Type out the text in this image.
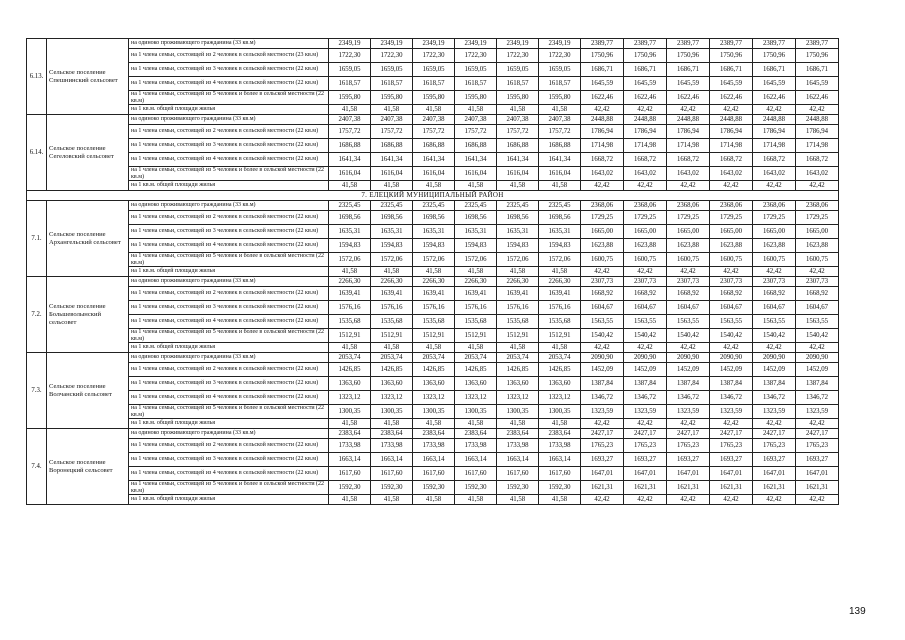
6.13.	Сельское поселение Спешнинский сельсовет	на одиноко проживающего гражданина (33 кв.м)	2349,19	2349,19	2349,19	2349,19	2349,19	2349,19	2389,77	2389,77	2389,77	2389,77	2389,77	2389,77
		на 1 члена семьи, состоящей из 2 человек в сельской местности (23 кв.м)	1722,30	1722,30	1722,30	1722,30	1722,30	1722,30	1750,96	1750,96	1750,96	1750,96	1750,96	1750,96
		на 1 члена семьи, состоящей из 3 человек в сельской местности (22 кв.м)	1659,05	1659,05	1659,05	1659,05	1659,05	1659,05	1686,71	1686,71	1686,71	1686,71	1686,71	1686,71
		на 1 члена семьи, состоящей из 4 человек в сельской местности (22 кв.м)	1618,57	1618,57	1618,57	1618,57	1618,57	1618,57	1645,59	1645,59	1645,59	1645,59	1645,59	1645,59
		на 1 члена семьи, состоящей из 5 человек и более в сельской местности (22 кв.м)	1595,80	1595,80	1595,80	1595,80	1595,80	1595,80	1622,46	1622,46	1622,46	1622,46	1622,46	1622,46
		на 1 кв.м. общей площади жилья	41,58	41,58	41,58	41,58	41,58	41,58	42,42	42,42	42,42	42,42	42,42	42,42
6.14.	Сельское поселение Сегеловский сельсовет	на одиноко проживающего гражданина (33 кв.м)	2407,38	2407,38	2407,38	2407,38	2407,38	2407,38	2448,88	2448,88	2448,88	2448,88	2448,88	2448,88
		на 1 члена семьи, состоящей из 2 человек в сельской местности (22 кв.м)	1757,72	1757,72	1757,72	1757,72	1757,72	1757,72	1786,94	1786,94	1786,94	1786,94	1786,94	1786,94
		на 1 члена семьи, состоящей из 3 человек в сельской местности (22 кв.м)	1686,88	1686,88	1686,88	1686,88	1686,88	1686,88	1714,98	1714,98	1714,98	1714,98	1714,98	1714,98
		на 1 члена семьи, состоящей из 4 человек в сельской местности (22 кв.м)	1641,34	1641,34	1641,34	1641,34	1641,34	1641,34	1668,72	1668,72	1668,72	1668,72	1668,72	1668,72
		на 1 члена семьи, состоящей из 5 человек и более в сельской местности (22 кв.м)	1616,04	1616,04	1616,04	1616,04	1616,04	1616,04	1643,02	1643,02	1643,02	1643,02	1643,02	1643,02
		на 1 кв.м. общей площади жилья	41,58	41,58	41,58	41,58	41,58	41,58	42,42	42,42	42,42	42,42	42,42	42,42
7. ЕЛЕЦКИЙ МУНИЦИПАЛЬНЫЙ РАЙОН														
7.1.	Сельское поселение Архангельский сельсовет	на одиноко проживающего гражданина (33 кв.м)	2325,45	2325,45	2325,45	2325,45	2325,45	2325,45	2368,06	2368,06	2368,06	2368,06	2368,06	2368,06
		на 1 члена семьи, состоящей из 2 человек в сельской местности (22 кв.м)	1698,56	1698,56	1698,56	1698,56	1698,56	1698,56	1729,25	1729,25	1729,25	1729,25	1729,25	1729,25
		на 1 члена семьи, состоящей из 3 человек в сельской местности (22 кв.м)	1635,31	1635,31	1635,31	1635,31	1635,31	1635,31	1665,00	1665,00	1665,00	1665,00	1665,00	1665,00
		на 1 члена семьи, состоящей из 4 человек в сельской местности (22 кв.м)	1594,83	1594,83	1594,83	1594,83	1594,83	1594,83	1623,88	1623,88	1623,88	1623,88	1623,88	1623,88
		на 1 члена семьи, состоящей из 5 человек и более в сельской местности (22 кв.м)	1572,06	1572,06	1572,06	1572,06	1572,06	1572,06	1600,75	1600,75	1600,75	1600,75	1600,75	1600,75
		на 1 кв.м. общей площади жилья	41,58	41,58	41,58	41,58	41,58	41,58	42,42	42,42	42,42	42,42	42,42	42,42
7.2.	Сельское поселение Большеволынский сельсовет	на одиноко проживающего гражданина (33 кв.м)	2266,30	2266,30	2266,30	2266,30	2266,30	2266,30	2307,73	2307,73	2307,73	2307,73	2307,73	2307,73
		на 1 члена семьи, состоящей из 2 человек в сельской местности (22 кв.м)	1639,41	1639,41	1639,41	1639,41	1639,41	1639,41	1668,92	1668,92	1668,92	1668,92	1668,92	1668,92
		на 1 члена семьи, состоящей из 3 человек в сельской местности (22 кв.м)	1576,16	1576,16	1576,16	1576,16	1576,16	1576,16	1604,67	1604,67	1604,67	1604,67	1604,67	1604,67
		на 1 члена семьи, состоящей из 4 человек в сельской местности (22 кв.м)	1535,68	1535,68	1535,68	1535,68	1535,68	1535,68	1563,55	1563,55	1563,55	1563,55	1563,55	1563,55
		на 1 члена семьи, состоящей из 5 человек и более в сельской местности (22 кв.м)	1512,91	1512,91	1512,91	1512,91	1512,91	1512,91	1540,42	1540,42	1540,42	1540,42	1540,42	1540,42
		на 1 кв.м. общей площади жилья	41,58	41,58	41,58	41,58	41,58	41,58	42,42	42,42	42,42	42,42	42,42	42,42
7.3.	Сельское поселение Волчанский сельсовет	на одиноко проживающего гражданина (33 кв.м)	2053,74	2053,74	2053,74	2053,74	2053,74	2053,74	2090,90	2090,90	2090,90	2090,90	2090,90	2090,90
		на 1 члена семьи, состоящей из 2 человек в сельской местности (22 кв.м)	1426,85	1426,85	1426,85	1426,85	1426,85	1426,85	1452,09	1452,09	1452,09	1452,09	1452,09	1452,09
		на 1 члена семьи, состоящей из 3 человек в сельской местности (22 кв.м)	1363,60	1363,60	1363,60	1363,60	1363,60	1363,60	1387,84	1387,84	1387,84	1387,84	1387,84	1387,84
		на 1 члена семьи, состоящей из 4 человек в сельской местности (22 кв.м)	1323,12	1323,12	1323,12	1323,12	1323,12	1323,12	1346,72	1346,72	1346,72	1346,72	1346,72	1346,72
		на 1 члена семьи, состоящей из 5 человек и более в сельской местности (22 кв.м)	1300,35	1300,35	1300,35	1300,35	1300,35	1300,35	1323,59	1323,59	1323,59	1323,59	1323,59	1323,59
		на 1 кв.м. общей площади жилья	41,58	41,58	41,58	41,58	41,58	41,58	42,42	42,42	42,42	42,42	42,42	42,42
7.4.	Сельское поселение Воронецкий сельсовет	на одиноко проживающего гражданина (33 кв.м)	2383,64	2383,64	2383,64	2383,64	2383,64	2383,64	2427,17	2427,17	2427,17	2427,17	2427,17	2427,17
		на 1 члена семьи, состоящей из 2 человек в сельской местности (22 кв.м)	1733,98	1733,98	1733,98	1733,98	1733,98	1733,98	1765,23	1765,23	1765,23	1765,23	1765,23	1765,23
		на 1 члена семьи, состоящей из 3 человек в сельской местности (22 кв.м)	1663,14	1663,14	1663,14	1663,14	1663,14	1663,14	1693,27	1693,27	1693,27	1693,27	1693,27	1693,27
		на 1 члена семьи, состоящей из 4 человек в сельской местности (22 кв.м)	1617,60	1617,60	1617,60	1617,60	1617,60	1617,60	1647,01	1647,01	1647,01	1647,01	1647,01	1647,01
		на 1 члена семьи, состоящей из 5 человек и более в сельской местности (22 кв.м)	1592,30	1592,30	1592,30	1592,30	1592,30	1592,30	1621,31	1621,31	1621,31	1621,31	1621,31	1621,31
		на 1 кв.м. общей площади жилья	41,58	41,58	41,58	41,58	41,58	41,58	42,42	42,42	42,42	42,42	42,42	42,42
139
